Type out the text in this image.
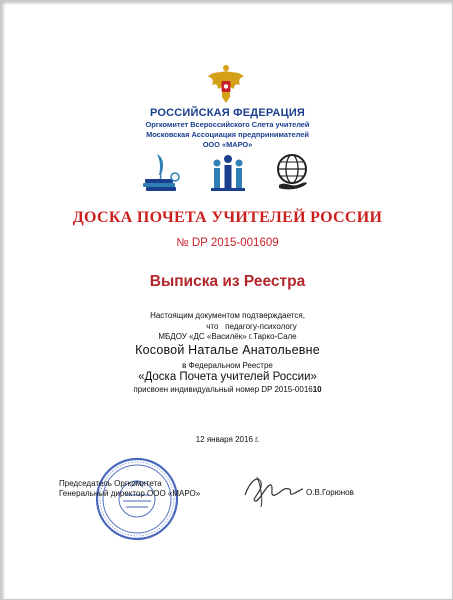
РОССИЙСКАЯ ФЕДЕРАЦИЯ
Оргкомитет Всероссийского Слета учителей
Московская Ассоциация предпринимателей
ООО «МАРО»
ДОСКА ПОЧЕТА УЧИТЕЛЕЙ РОССИИ
№ DP 2015-001609
Выписка из Реестра
Настоящим документом подтверждается,
что педагогу-психологу
МБДОУ «ДС «Василёк» г.Тарко-Сале
Косовой Наталье Анатольевне
в Федеральном Реестре
«Доска Почета учителей России»
присвоен индивидуальный номер DP 2015-001610
12 января 2016 г.
Председатель Оргкомитета
Генеральный директор ООО «МАРО»	О.В.Горюнов
